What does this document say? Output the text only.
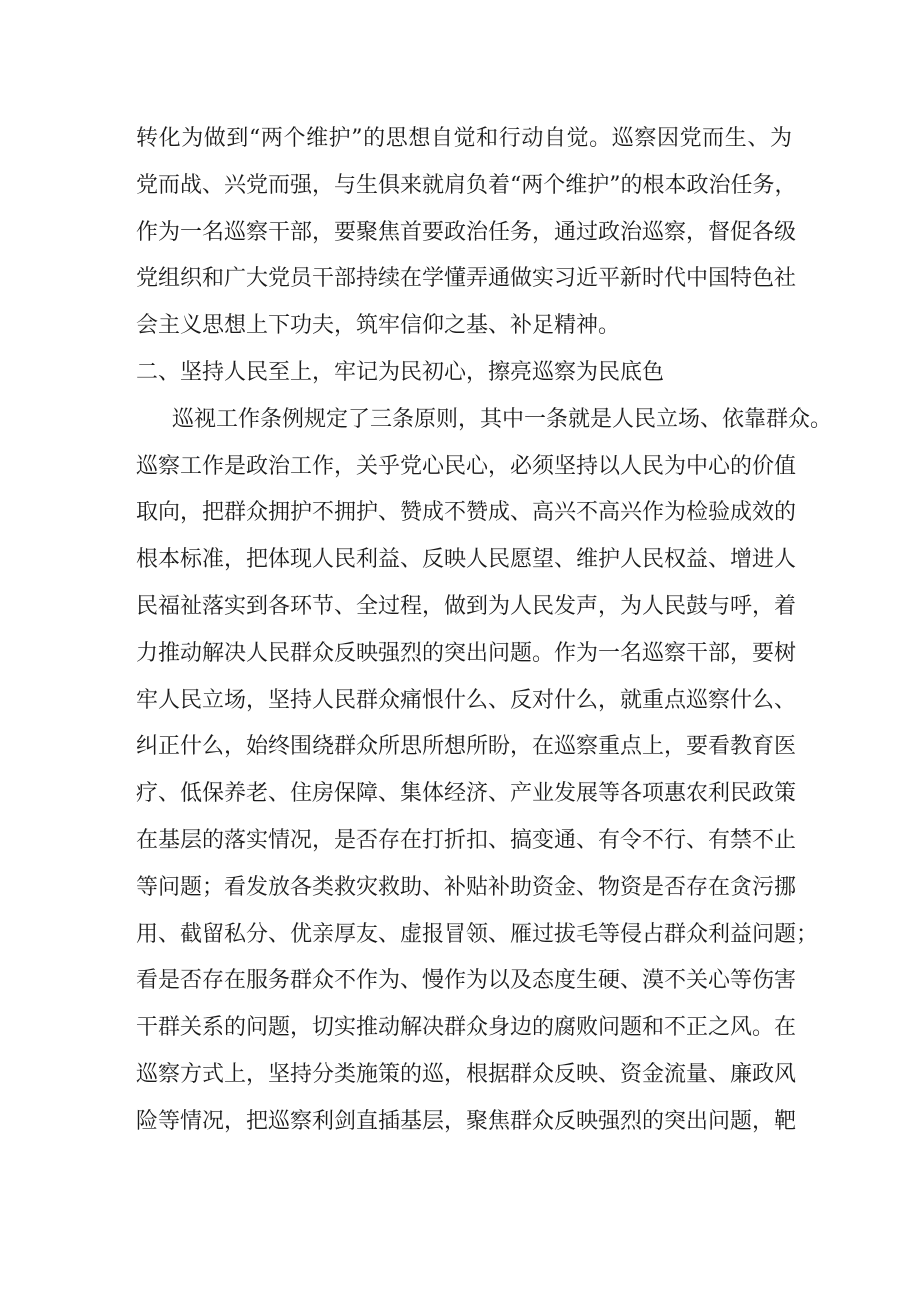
转化为做到“两个维护”的思想自觉和行动自觉。巡察因党而生、为
党而战、兴党而强，与生俱来就肩负着“两个维护”的根本政治任务，
作为一名巡察干部，要聚焦首要政治任务，通过政治巡察，督促各级
党组织和广大党员干部持续在学懂弄通做实习近平新时代中国特色社
会主义思想上下功夫，筑牢信仰之基、补足精神。
二、坚持人民至上，牢记为民初心，擦亮巡察为民底色
巡视工作条例规定了三条原则，其中一条就是人民立场、依靠群众。
巡察工作是政治工作，关乎党心民心，必须坚持以人民为中心的价值
取向，把群众拥护不拥护、赞成不赞成、高兴不高兴作为检验成效的
根本标准，把体现人民利益、反映人民愿望、维护人民权益、增进人
民福祉落实到各环节、全过程，做到为人民发声，为人民鼓与呼，着
力推动解决人民群众反映强烈的突出问题。作为一名巡察干部，要树
牢人民立场，坚持人民群众痛恨什么、反对什么，就重点巡察什么、
纠正什么，始终围绕群众所思所想所盼，在巡察重点上，要看教育医
疗、低保养老、住房保障、集体经济、产业发展等各项惠农利民政策
在基层的落实情况，是否存在打折扣、搞变通、有令不行、有禁不止
等问题；看发放各类救灾救助、补贴补助资金、物资是否存在贪污挪
用、截留私分、优亲厚友、虚报冒领、雁过拔毛等侵占群众利益问题；
看是否存在服务群众不作为、慢作为以及态度生硬、漠不关心等伤害
干群关系的问题，切实推动解决群众身边的腐败问题和不正之风。在
巡察方式上，坚持分类施策的巡，根据群众反映、资金流量、廉政风
险等情况，把巡察利剑直插基层，聚焦群众反映强烈的突出问题，靶
